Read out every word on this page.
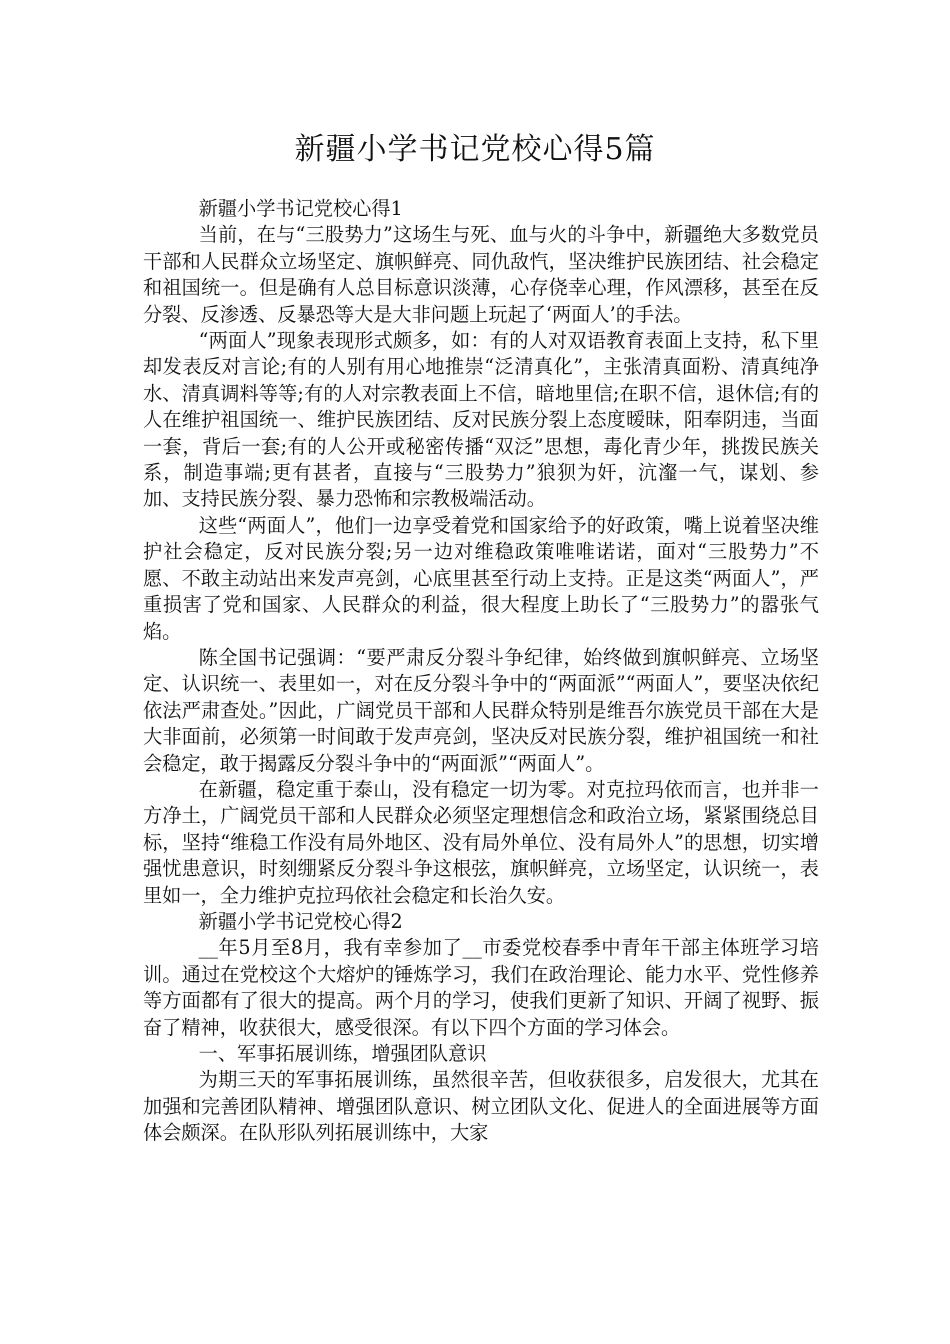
新疆小学书记党校心得5篇

新疆小学书记党校心得1

当前，在与“三股势力”这场生与死、血与火的斗争中，新疆绝大多数党员干部和人民群众立场坚定、旗帜鲜亮、同仇敌忾，坚决维护民族团结、社会稳定和祖国统一。但是确有人总目标意识淡薄，心存侥幸心理，作风漂移，甚至在反分裂、反渗透、反暴恐等大是大非问题上玩起了‘两面人’的手法。

“两面人”现象表现形式颇多，如：有的人对双语教育表面上支持，私下里却发表反对言论;有的人别有用心地推崇“泛清真化”，主张清真面粉、清真纯净水、清真调料等等;有的人对宗教表面上不信，暗地里信;在职不信，退休信;有的人在维护祖国统一、维护民族团结、反对民族分裂上态度暧昧，阳奉阴违，当面一套，背后一套;有的人公开或秘密传播“双泛”思想，毒化青少年，挑拨民族关系，制造事端;更有甚者，直接与“三股势力”狼狈为奸，沆瀣一气，谋划、参加、支持民族分裂、暴力恐怖和宗教极端活动。

这些“两面人”，他们一边享受着党和国家给予的好政策，嘴上说着坚决维护社会稳定，反对民族分裂;另一边对维稳政策唯唯诺诺，面对“三股势力”不愿、不敢主动站出来发声亮剑，心底里甚至行动上支持。正是这类“两面人”，严重损害了党和国家、人民群众的利益，很大程度上助长了“三股势力”的嚣张气焰。

陈全国书记强调：“要严肃反分裂斗争纪律，始终做到旗帜鲜亮、立场坚定、认识统一、表里如一，对在反分裂斗争中的“两面派”“两面人”，要坚决依纪依法严肃查处。”因此，广阔党员干部和人民群众特别是维吾尔族党员干部在大是大非面前，必须第一时间敢于发声亮剑，坚决反对民族分裂，维护祖国统一和社会稳定，敢于揭露反分裂斗争中的“两面派”“两面人”。

在新疆，稳定重于泰山，没有稳定一切为零。对克拉玛依而言，也并非一方净土，广阔党员干部和人民群众必须坚定理想信念和政治立场，紧紧围绕总目标，坚持“维稳工作没有局外地区、没有局外单位、没有局外人”的思想，切实增强忧患意识，时刻绷紧反分裂斗争这根弦，旗帜鲜亮，立场坚定，认识统一，表里如一，全力维护克拉玛依社会稳定和长治久安。

新疆小学书记党校心得2

__年5月至8月，我有幸参加了__市委党校春季中青年干部主体班学习培训。通过在党校这个大熔炉的锤炼学习，我们在政治理论、能力水平、党性修养等方面都有了很大的提高。两个月的学习，使我们更新了知识、开阔了视野、振奋了精神，收获很大，感受很深。有以下四个方面的学习体会。

一、军事拓展训练，增强团队意识

为期三天的军事拓展训练，虽然很辛苦，但收获很多，启发很大，尤其在加强和完善团队精神、增强团队意识、树立团队文化、促进人的全面进展等方面体会颇深。在队形队列拓展训练中，大家
